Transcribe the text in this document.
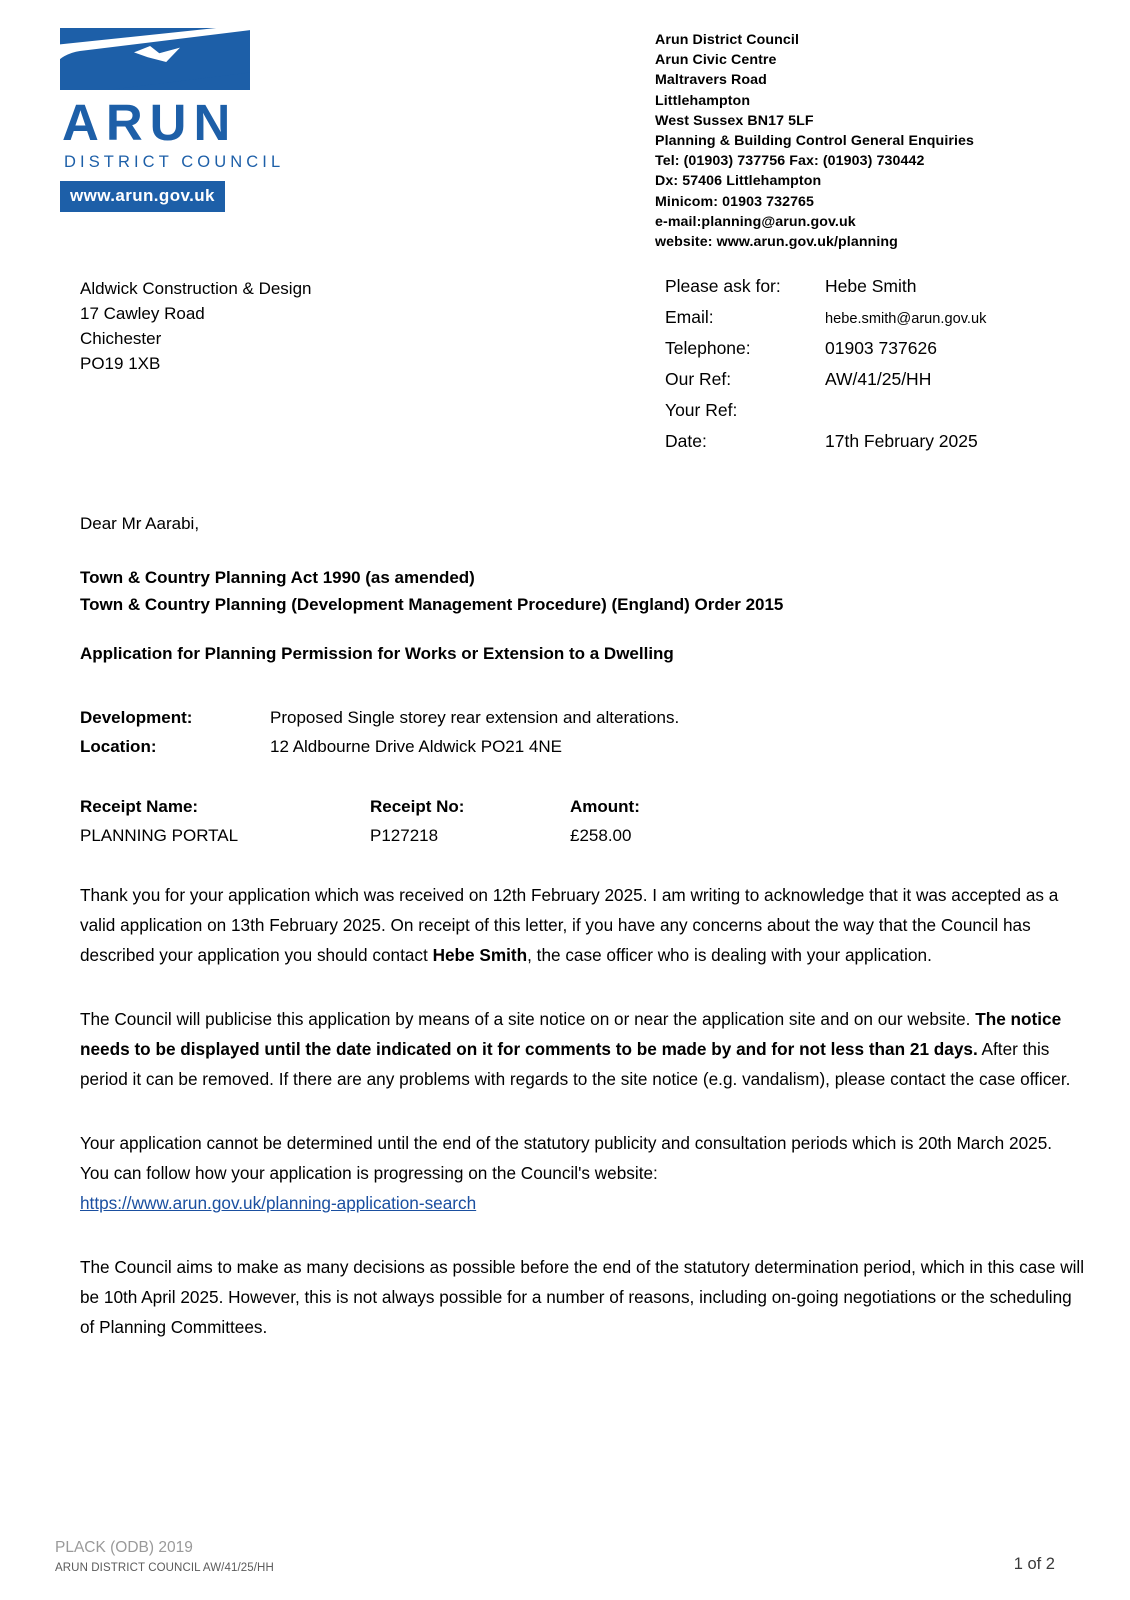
ARUN
DISTRICT COUNCIL
www.arun.gov.uk
Arun District Council
Arun Civic Centre
Maltravers Road
Littlehampton
West Sussex BN17 5LF
Planning & Building Control General Enquiries
Tel: (01903) 737756 Fax: (01903) 730442
Dx: 57406 Littlehampton
Minicom: 01903 732765
e-mail:planning@arun.gov.uk
website: www.arun.gov.uk/planning
Aldwick Construction & Design
17 Cawley Road
Chichester
PO19 1XB
Please ask for:	Hebe Smith
Email:	hebe.smith@arun.gov.uk
Telephone:	01903 737626
Our Ref:	AW/41/25/HH
Your Ref:
Date:	17th February 2025
Dear Mr Aarabi,
Town & Country Planning Act 1990 (as amended)
Town & Country Planning (Development Management Procedure) (England) Order 2015
Application for Planning Permission for Works or Extension to a Dwelling
Development:	Proposed Single storey rear extension and alterations.
Location:	12 Aldbourne Drive Aldwick PO21 4NE
Receipt Name:	Receipt No:	Amount:
PLANNING PORTAL	P127218	£258.00
Thank you for your application which was received on 12th February 2025. I am writing to acknowledge that it was accepted as a valid application on 13th February 2025. On receipt of this letter, if you have any concerns about the way that the Council has described your application you should contact Hebe Smith, the case officer who is dealing with your application.
The Council will publicise this application by means of a site notice on or near the application site and on our website. The notice needs to be displayed until the date indicated on it for comments to be made by and for not less than 21 days. After this period it can be removed. If there are any problems with regards to the site notice (e.g. vandalism), please contact the case officer.
Your application cannot be determined until the end of the statutory publicity and consultation periods which is 20th March 2025. You can follow how your application is progressing on the Council's website:
https://www.arun.gov.uk/planning-application-search
The Council aims to make as many decisions as possible before the end of the statutory determination period, which in this case will be 10th April 2025. However, this is not always possible for a number of reasons, including on-going negotiations or the scheduling of Planning Committees.
PLACK (ODB) 2019
ARUN DISTRICT COUNCIL AW/41/25/HH	1 of 2
